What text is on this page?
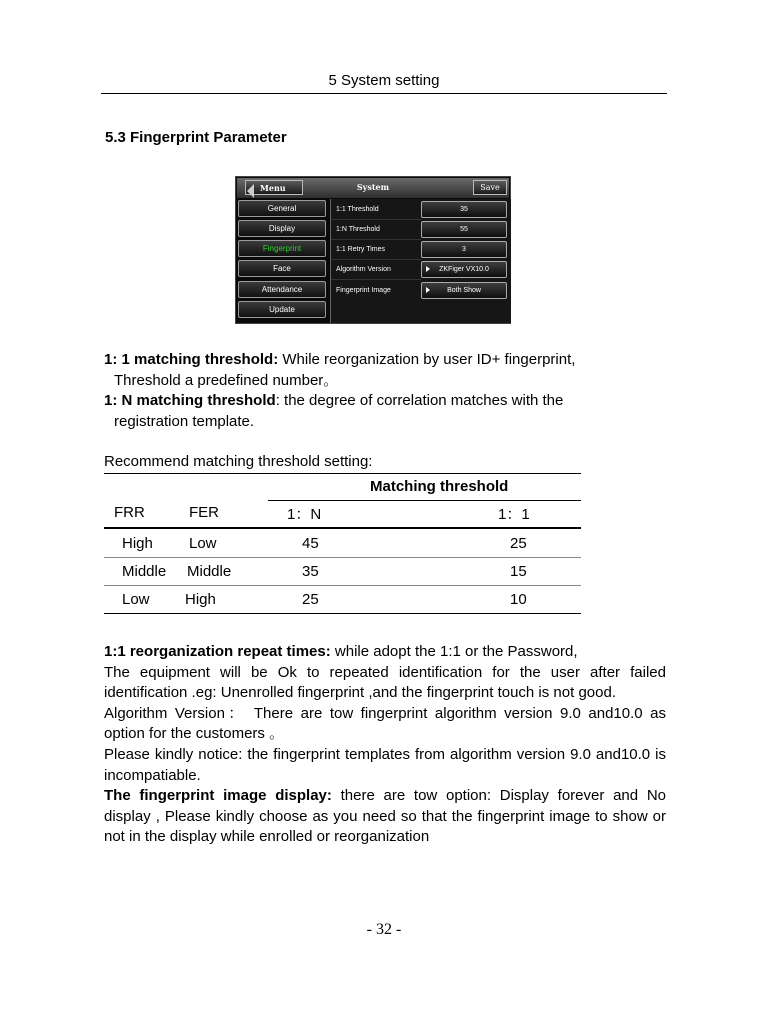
5 System setting
5.3 Fingerprint Parameter
Menu	System	Save
General
Display
Fingerprint
Face
Attendance
Update
1:1 Threshold	35
1:N Threshold	55
1:1 Retry Times	3
Algorithm Version	ZKFiger VX10.0
Fingerprint Image	Both Show
1: 1 matching threshold: While reorganization by user ID+ fingerprint,
Threshold a predefined number。
1: N matching threshold: the degree of correlation matches with the
registration template.
Recommend matching threshold setting:
Matching threshold
FRR	FER	1：N	1：1
High Low	45	25
Middle Middle	35	15
Low High	25	10
1:1 reorganization repeat times: while adopt the 1:1 or the Password,
The equipment will be Ok to repeated identification for the user after failed identification .eg: Unenrolled fingerprint ,and the fingerprint touch is not good.
Algorithm Version： There are tow fingerprint algorithm version 9.0 and10.0 as option for the customers 。
Please kindly notice: the fingerprint templates from algorithm version 9.0 and10.0 is incompatiable.
The fingerprint image display: there are tow option: Display forever and No display , Please kindly choose as you need so that the fingerprint image to show or not in the display while enrolled or reorganization
- 32 -
